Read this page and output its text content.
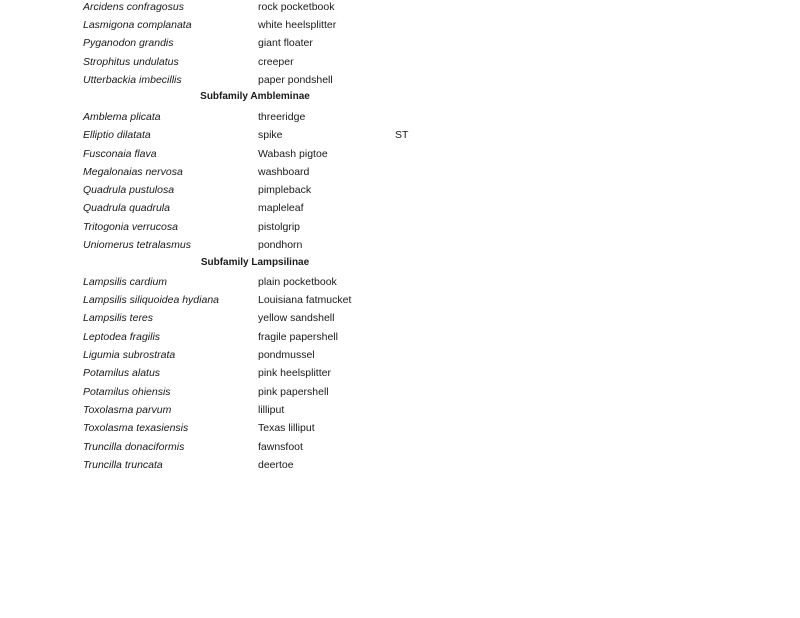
Arcidens confragosus	rock pocketbook
Lasmigona complanata	white heelsplitter
Pyganodon grandis	giant floater
Strophitus undulatus	creeper
Utterbackia imbecillis	paper pondshell
Subfamily Ambleminae
Amblema plicata	threeridge
Elliptio dilatata	spike	ST
Fusconaia flava	Wabash pigtoe
Megalonaias nervosa	washboard
Quadrula pustulosa	pimpleback
Quadrula quadrula	mapleleaf
Tritogonia verrucosa	pistolgrip
Uniomerus tetralasmus	pondhorn
Subfamily Lampsilinae
Lampsilis cardium	plain pocketbook
Lampsilis siliquoidea hydiana	Louisiana fatmucket
Lampsilis teres	yellow sandshell
Leptodea fragilis	fragile papershell
Ligumia subrostrata	pondmussel
Potamilus alatus	pink heelsplitter
Potamilus ohiensis	pink papershell
Toxolasma parvum	lilliput
Toxolasma texasiensis	Texas lilliput
Truncilla donaciformis	fawnsfoot
Truncilla truncata	deertoe
